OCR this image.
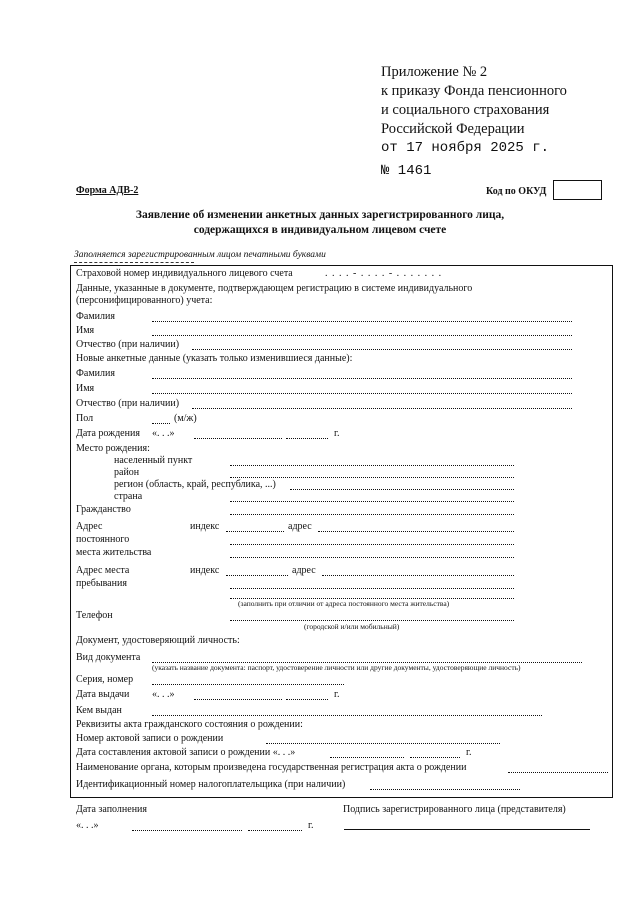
Приложение № 2
к приказу Фонда пенсионного
и социального страхования
Российской Федерации
от 17 ноября 2025 г.
№ 1461
Форма АДВ-2	Код по ОКУД
Заявление об изменении анкетных данных зарегистрированного лица,
содержащихся в индивидуальном лицевом счете
Заполняется зарегистрированным лицом печатными буквами
Страховой номер индивидуального лицевого счета	. . . . - . . . . - . . . . . . .
Данные, указанные в документе, подтверждающем регистрацию в системе индивидуального
(персонифицированного) учета:
Фамилия
Имя
Отчество (при наличии)
Новые анкетные данные (указать только изменившиеся данные):
Фамилия
Имя
Отчество (при наличии)
Пол	(м/ж)
Дата рождения «. . .»	г.
Место рождения:
населенный пункт
район
регион (область, край, республика, ...)
страна
Гражданство
Адрес
постоянного
места жительства
индекс	адрес
Адрес места
пребывания
индекс	адрес
(заполнить при отличии от адреса постоянного места жительства)
Телефон
(городской и/или мобильный)
Документ, удостоверяющий личность:
Вид документа
(указать название документа: паспорт, удостоверение личности или другие документы, удостоверяющие личность)
Серия, номер
Дата выдачи «. . .»	г.
Кем выдан
Реквизиты акта гражданского состояния о рождении:
Номер актовой записи о рождении
Дата составления актовой записи о рождении «. . .»	г.
Наименование органа, которым произведена государственная регистрация акта о рождении
Идентификационный номер налогоплательщика (при наличии)
Дата заполнения
«. . .»	г.
Подпись зарегистрированного лица (представителя)
